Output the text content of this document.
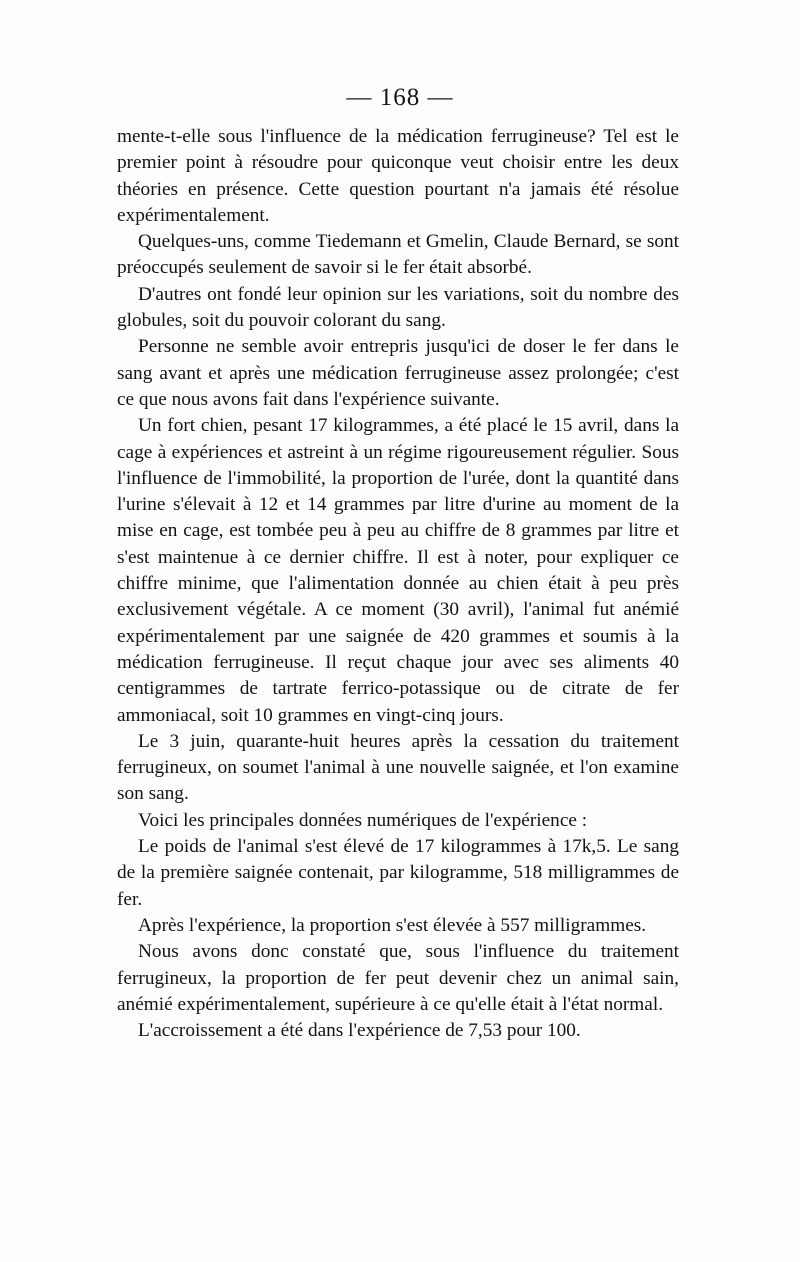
— 168 —

mente-t-elle sous l'influence de la médication ferrugineuse? Tel est le premier point à résoudre pour quiconque veut choisir entre les deux théories en présence. Cette question pourtant n'a jamais été résolue expérimentalement.

Quelques-uns, comme Tiedemann et Gmelin, Claude Bernard, se sont préoccupés seulement de savoir si le fer était absorbé.

D'autres ont fondé leur opinion sur les variations, soit du nombre des globules, soit du pouvoir colorant du sang.

Personne ne semble avoir entrepris jusqu'ici de doser le fer dans le sang avant et après une médication ferrugineuse assez prolongée; c'est ce que nous avons fait dans l'expérience suivante.

Un fort chien, pesant 17 kilogrammes, a été placé le 15 avril, dans la cage à expériences et astreint à un régime rigoureusement régulier. Sous l'influence de l'immobilité, la proportion de l'urée, dont la quantité dans l'urine s'élevait à 12 et 14 grammes par litre d'urine au moment de la mise en cage, est tombée peu à peu au chiffre de 8 grammes par litre et s'est maintenue à ce dernier chiffre. Il est à noter, pour expliquer ce chiffre minime, que l'alimentation donnée au chien était à peu près exclusivement végétale. A ce moment (30 avril), l'animal fut anémié expérimentalement par une saignée de 420 grammes et soumis à la médication ferrugineuse. Il reçut chaque jour avec ses aliments 40 centigrammes de tartrate ferrico-potassique ou de citrate de fer ammoniacal, soit 10 grammes en vingt-cinq jours.

Le 3 juin, quarante-huit heures après la cessation du traitement ferrugineux, on soumet l'animal à une nouvelle saignée, et l'on examine son sang.

Voici les principales données numériques de l'expérience :

Le poids de l'animal s'est élevé de 17 kilogrammes à 17k,5. Le sang de la première saignée contenait, par kilogramme, 518 milligrammes de fer.

Après l'expérience, la proportion s'est élevée à 557 milligrammes.

Nous avons donc constaté que, sous l'influence du traitement ferrugineux, la proportion de fer peut devenir chez un animal sain, anémié expérimentalement, supérieure à ce qu'elle était à l'état normal.

L'accroissement a été dans l'expérience de 7,53 pour 100.
